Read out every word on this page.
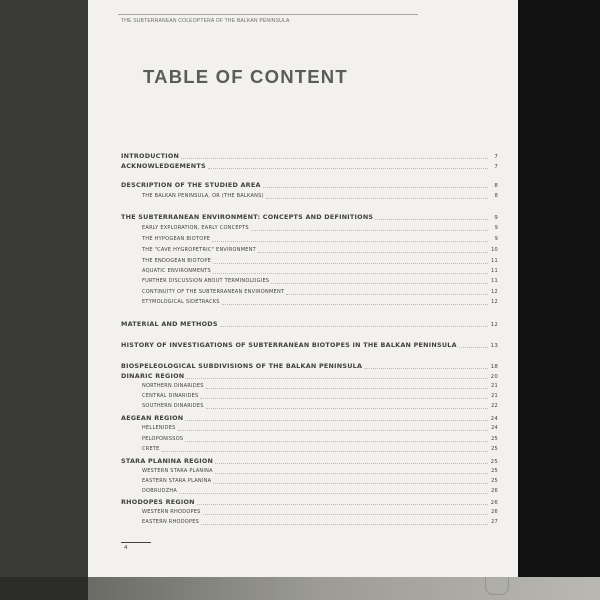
THE SUBTERRANEAN COLEOPTERA OF THE BALKAN PENINSULA
TABLE OF CONTENT
INTRODUCTION	7
ACKNOWLEDGEMENTS	7
DESCRIPTION OF THE STUDIED AREA	8
THE BALKAN PENINSULA, OR (THE BALKANS)	8
THE SUBTERRANEAN ENVIRONMENT: CONCEPTS AND DEFINITIONS	9
EARLY EXPLORATION, EARLY CONCEPTS	9
THE HYPOGEAN BIOTOPE	9
THE "CAVE HYGROPETRIC" ENVIRONMENT	10
THE ENDOGEAN BIOTOPE	11
AQUATIC ENVIRONMENTS	11
FURTHER DISCUSSION ABOUT TERMINOLOGIES	11
CONTINUITY OF THE SUBTERRANEAN ENVIRONMENT	12
ETYMOLOGICAL SIDETRACKS	12
MATERIAL AND METHODS	12
HISTORY OF INVESTIGATIONS OF SUBTERRANEAN BIOTOPES IN THE BALKAN PENINSULA	13
BIOSPELEOLOGICAL SUBDIVISIONS OF THE BALKAN PENINSULA	18
DINARIC REGION	20
NORTHERN DINARIDES	21
CENTRAL DINARIDES	21
SOUTHERN DINARIDES	22
AEGEAN REGION	24
HELLENIDES	24
PELOPONISSOS	25
CRETE	25
STARA PLANINA REGION	25
WESTERN STARA PLANINA	25
EASTERN STARA PLANINA	25
DOBRUDZHA	26
RHODOPES REGION	26
WESTERN RHODOPES	26
EASTERN RHODOPES	27
4
